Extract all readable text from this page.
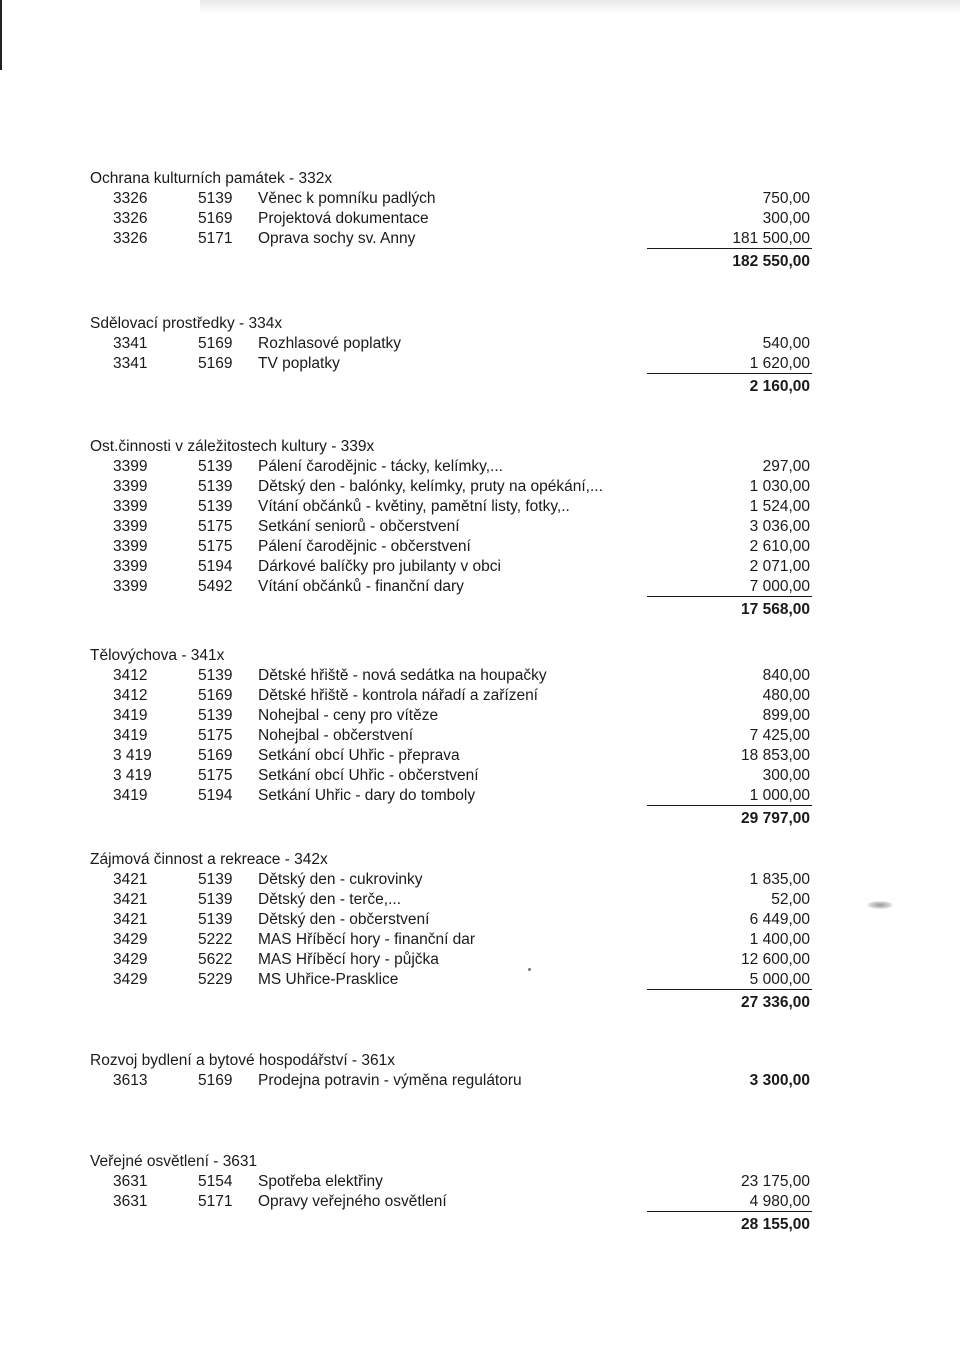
Ochrana kulturních památek - 332x
3326	5139 Věnec k pomníku padlých	750,00
3326	5169 Projektová dokumentace	300,00
3326	5171 Oprava sochy sv. Anny	181 500,00
182 550,00
Sdělovací prostředky - 334x
3341	5169 Rozhlasové poplatky	540,00
3341	5169 TV poplatky	1 620,00
2 160,00
Ost.činnosti v záležitostech kultury - 339x
3399	5139 Pálení čarodějnic - tácky, kelímky,...	297,00
3399	5139 Dětský den - balónky, kelímky, pruty na opékání,...	1 030,00
3399	5139 Vítání občánků - květiny, pamětní listy, fotky,..	1 524,00
3399	5175 Setkání seniorů - občerstvení	3 036,00
3399	5175 Pálení čarodějnic - občerstvení	2 610,00
3399	5194 Dárkové balíčky pro jubilanty v obci	2 071,00
3399	5492 Vítání občánků - finanční dary	7 000,00
17 568,00
Tělovýchova - 341x
3412	5139 Dětské hřiště - nová sedátka na houpačky	840,00
3412	5169 Dětské hřiště - kontrola nářadí a zařízení	480,00
3419	5139 Nohejbal - ceny pro vítěze	899,00
3419	5175 Nohejbal - občerstvení	7 425,00
3 419	5169 Setkání obcí Uhřic - přeprava	18 853,00
3 419	5175 Setkání obcí Uhřic - občerstvení	300,00
3419	5194 Setkání Uhřic - dary do tomboly	1 000,00
29 797,00
Zájmová činnost a rekreace - 342x
3421	5139 Dětský den - cukrovinky	1 835,00
3421	5139 Dětský den - terče,...	52,00
3421	5139 Dětský den - občerstvení	6 449,00
3429	5222 MAS Hříběcí hory - finanční dar	1 400,00
3429	5622 MAS Hříběcí hory - půjčka	12 600,00
3429	5229 MS Uhřice-Prasklice	5 000,00
27 336,00
Rozvoj bydlení a bytové hospodářství - 361x
3613	5169 Prodejna potravin - výměna regulátoru	3 300,00
Veřejné osvětlení - 3631
3631	5154 Spotřeba elektřiny	23 175,00
3631	5171 Opravy veřejného osvětlení	4 980,00
28 155,00
